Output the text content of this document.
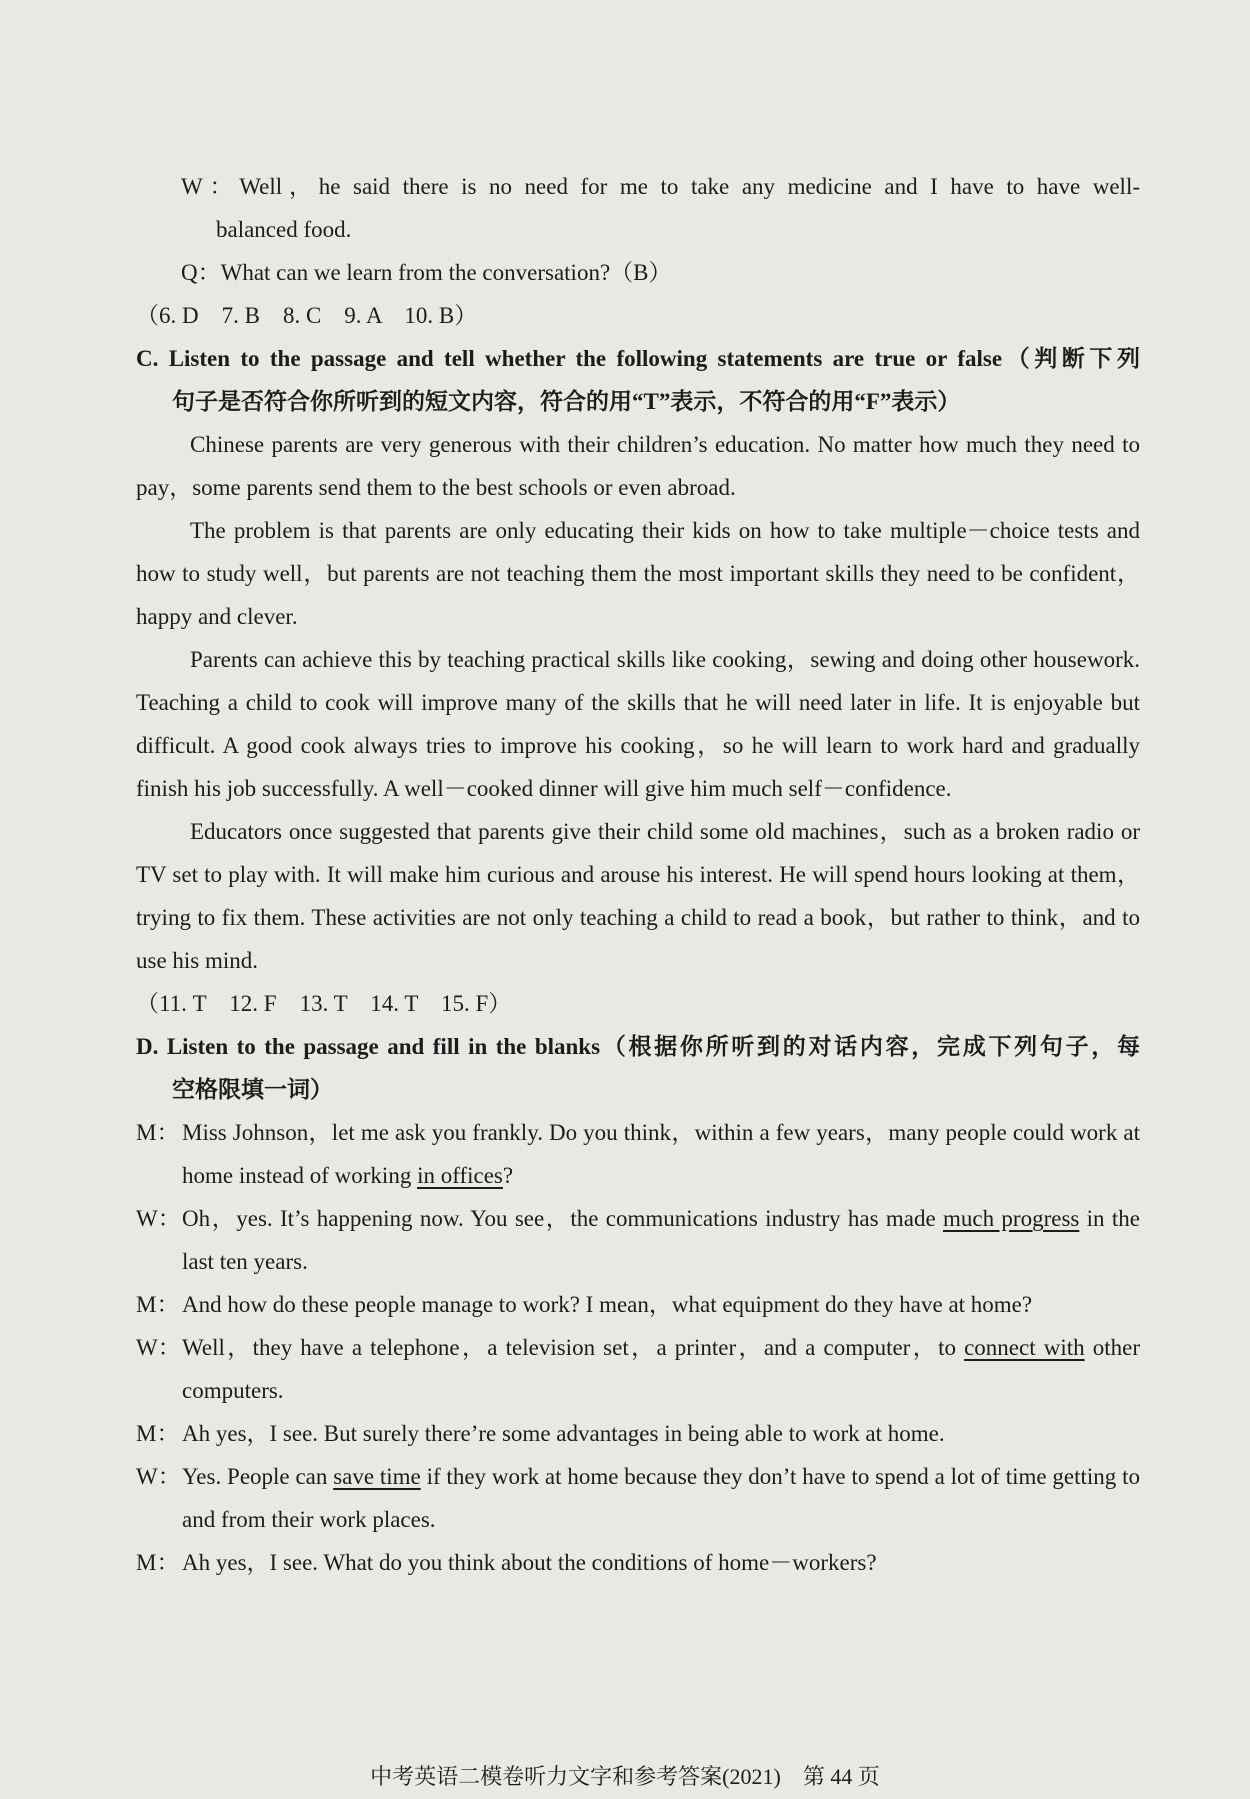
W：Well，he said there is no need for me to take any medicine and I have to have well-
balanced food.
Q：What can we learn from the conversation?（B）
（6. D　7. B　8. C　9. A　10. B）
C. Listen to the passage and tell whether the following statements are true or false（判断下列
句子是否符合你所听到的短文内容，符合的用“T”表示，不符合的用“F”表示）
Chinese parents are very generous with their children’s education. No matter how much they need to pay，some parents send them to the best schools or even abroad.
The problem is that parents are only educating their kids on how to take multiple－choice tests and how to study well，but parents are not teaching them the most important skills they need to be confident，happy and clever.
Parents can achieve this by teaching practical skills like cooking，sewing and doing other housework. Teaching a child to cook will improve many of the skills that he will need later in life. It is enjoyable but difficult. A good cook always tries to improve his cooking，so he will learn to work hard and gradually finish his job successfully. A well－cooked dinner will give him much self－confidence.
Educators once suggested that parents give their child some old machines，such as a broken radio or TV set to play with. It will make him curious and arouse his interest. He will spend hours looking at them，trying to fix them. These activities are not only teaching a child to read a book，but rather to think，and to use his mind.
（11. T　12. F　13. T　14. T　15. F）
D. Listen to the passage and fill in the blanks（根据你所听到的对话内容，完成下列句子，每
空格限填一词）
M： Miss Johnson，let me ask you frankly. Do you think，within a few years，many people could work at home instead of working in offices?
W： Oh，yes. It’s happening now. You see，the communications industry has made much progress in the last ten years.
M： And how do these people manage to work? I mean，what equipment do they have at home?
W： Well，they have a telephone，a television set，a printer，and a computer，to connect with other computers.
M： Ah yes，I see. But surely there’re some advantages in being able to work at home.
W： Yes. People can save time if they work at home because they don’t have to spend a lot of time getting to and from their work places.
M： Ah yes，I see. What do you think about the conditions of home－workers?
中考英语二模卷听力文字和参考答案(2021)　第 44 页
